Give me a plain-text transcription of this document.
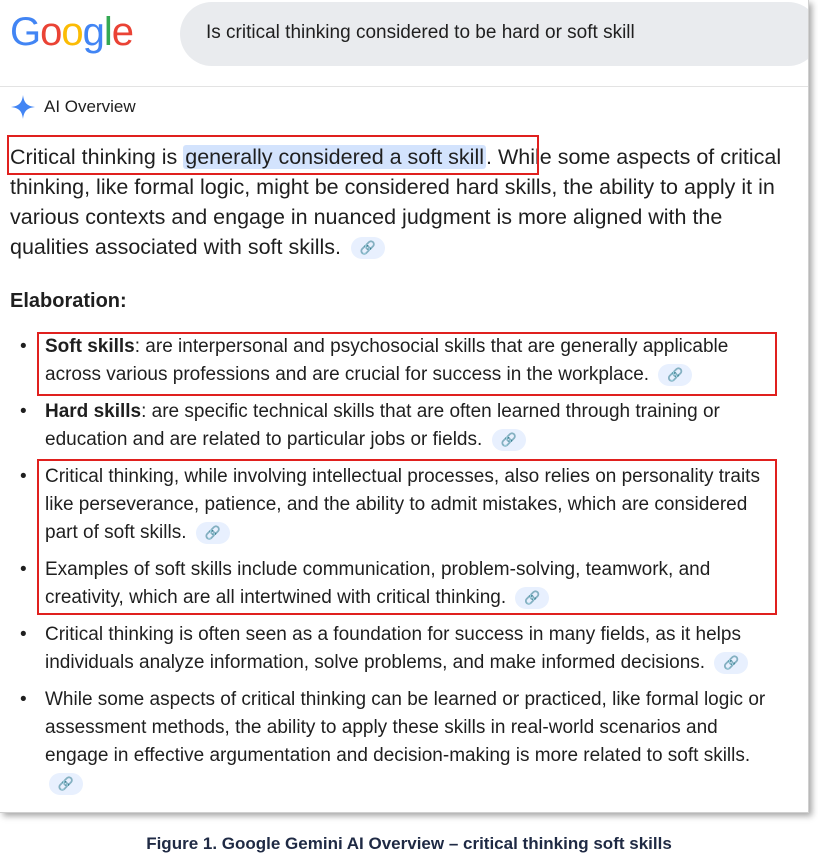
Google	Is critical thinking considered to be hard or soft skill
AI Overview
Critical thinking is generally considered a soft skill. While some aspects of critical thinking, like formal logic, might be considered hard skills, the ability to apply it in various contexts and engage in nuanced judgment is more aligned with the qualities associated with soft skills. 🔗
Elaboration:
• Soft skills: are interpersonal and psychosocial skills that are generally applicable across various professions and are crucial for success in the workplace. 🔗
• Hard skills: are specific technical skills that are often learned through training or education and are related to particular jobs or fields. 🔗
• Critical thinking, while involving intellectual processes, also relies on personality traits like perseverance, patience, and the ability to admit mistakes, which are considered part of soft skills. 🔗
• Examples of soft skills include communication, problem-solving, teamwork, and creativity, which are all intertwined with critical thinking. 🔗
• Critical thinking is often seen as a foundation for success in many fields, as it helps individuals analyze information, solve problems, and make informed decisions. 🔗
• While some aspects of critical thinking can be learned or practiced, like formal logic or assessment methods, the ability to apply these skills in real-world scenarios and engage in effective argumentation and decision-making is more related to soft skills. 🔗
Figure 1. Google Gemini AI Overview – critical thinking soft skills
